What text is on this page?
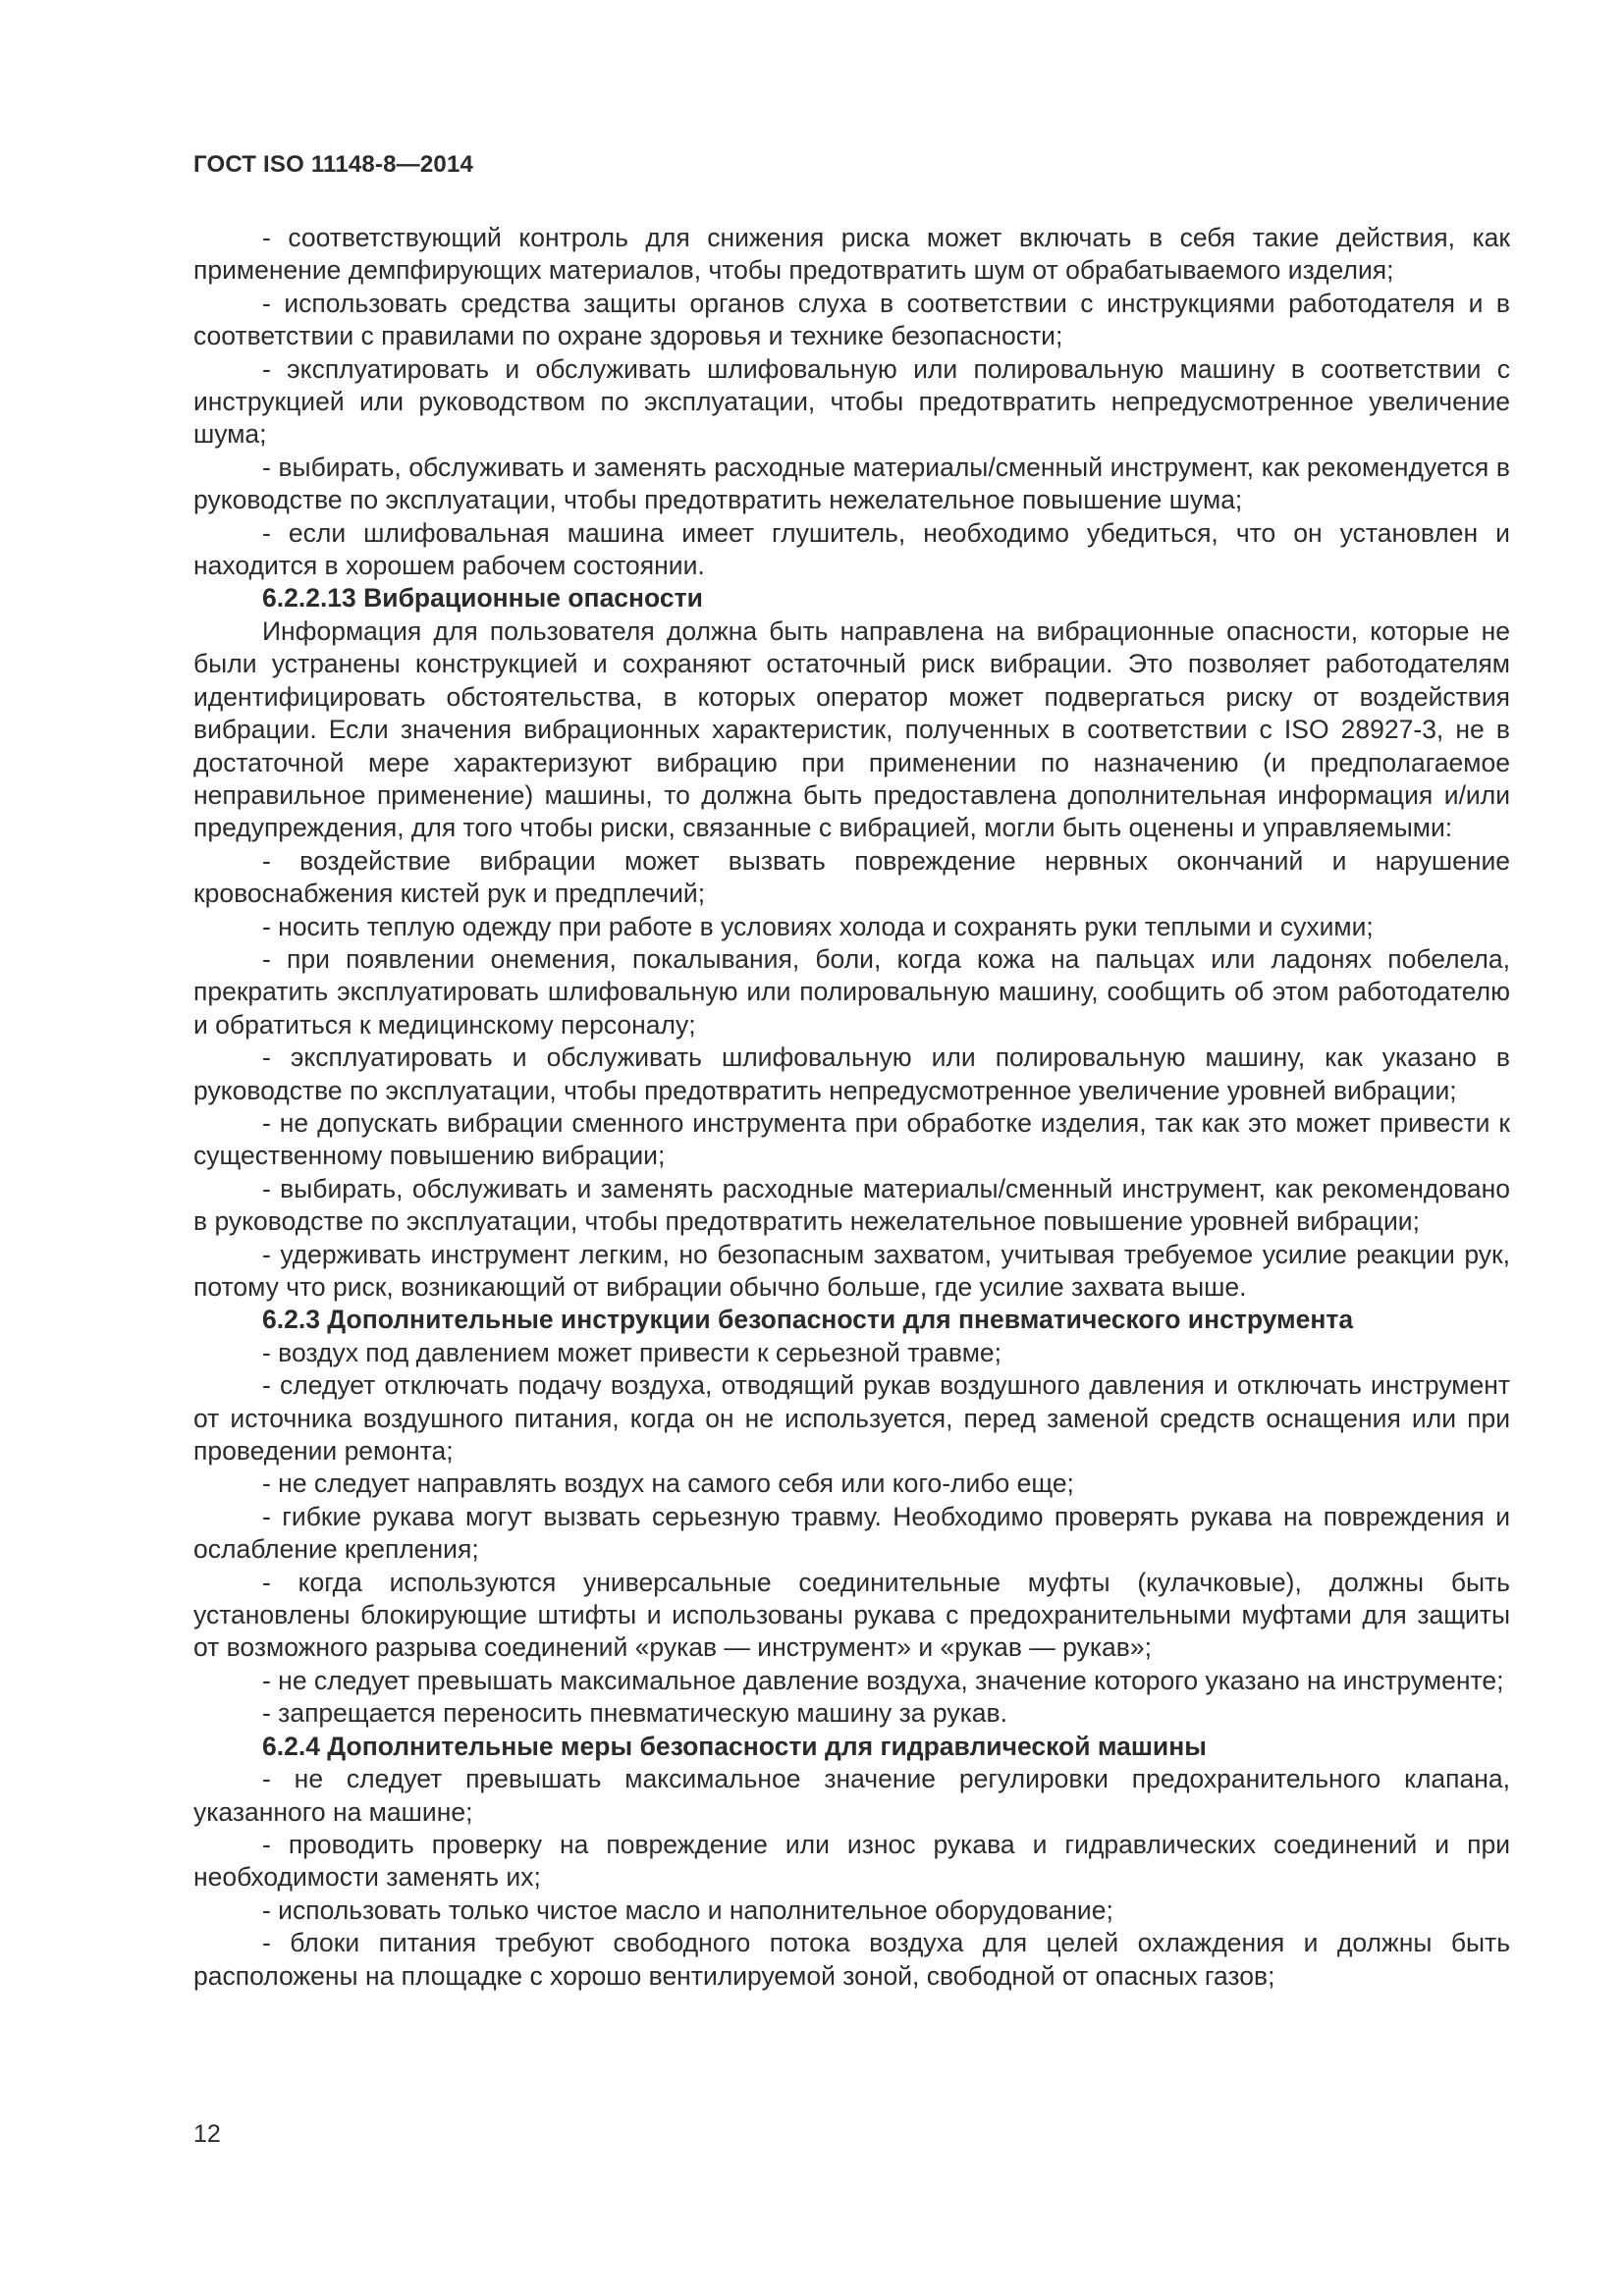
ГОСТ ISO 11148-8—2014

- соответствующий контроль для снижения риска может включать в себя такие действия, как применение демпфирующих материалов, чтобы предотвратить шум от обрабатываемого изделия;

- использовать средства защиты органов слуха в соответствии с инструкциями работодателя и в соответствии с правилами по охране здоровья и технике безопасности;

- эксплуатировать и обслуживать шлифовальную или полировальную машину в соответствии с инструкцией или руководством по эксплуатации, чтобы предотвратить непредусмотренное увеличение шума;

- выбирать, обслуживать и заменять расходные материалы/сменный инструмент, как рекомендуется в руководстве по эксплуатации, чтобы предотвратить нежелательное повышение шума;

- если шлифовальная машина имеет глушитель, необходимо убедиться, что он установлен и находится в хорошем рабочем состоянии.

6.2.2.13 Вибрационные опасности

Информация для пользователя должна быть направлена на вибрационные опасности, которые не были устранены конструкцией и сохраняют остаточный риск вибрации. Это позволяет работодателям идентифицировать обстоятельства, в которых оператор может подвергаться риску от воздействия вибрации. Если значения вибрационных характеристик, полученных в соответствии с ISO 28927-3, не в достаточной мере характеризуют вибрацию при применении по назначению (и предполагаемое неправильное применение) машины, то должна быть предоставлена дополнительная информация и/или предупреждения, для того чтобы риски, связанные с вибрацией, могли быть оценены и управляемыми:

- воздействие вибрации может вызвать повреждение нервных окончаний и нарушение кровоснабжения кистей рук и предплечий;

- носить теплую одежду при работе в условиях холода и сохранять руки теплыми и сухими;

- при появлении онемения, покалывания, боли, когда кожа на пальцах или ладонях побелела, прекратить эксплуатировать шлифовальную или полировальную машину, сообщить об этом работодателю и обратиться к медицинскому персоналу;

- эксплуатировать и обслуживать шлифовальную или полировальную машину, как указано в руководстве по эксплуатации, чтобы предотвратить непредусмотренное увеличение уровней вибрации;

- не допускать вибрации сменного инструмента при обработке изделия, так как это может привести к существенному повышению вибрации;

- выбирать, обслуживать и заменять расходные материалы/сменный инструмент, как рекомендовано в руководстве по эксплуатации, чтобы предотвратить нежелательное повышение уровней вибрации;

- удерживать инструмент легким, но безопасным захватом, учитывая требуемое усилие реакции рук, потому что риск, возникающий от вибрации обычно больше, где усилие захвата выше.

6.2.3 Дополнительные инструкции безопасности для пневматического инструмента

- воздух под давлением может привести к серьезной травме;

- следует отключать подачу воздуха, отводящий рукав воздушного давления и отключать инструмент от источника воздушного питания, когда он не используется, перед заменой средств оснащения или при проведении ремонта;

- не следует направлять воздух на самого себя или кого-либо еще;

- гибкие рукава могут вызвать серьезную травму. Необходимо проверять рукава на повреждения и ослабление крепления;

- когда используются универсальные соединительные муфты (кулачковые), должны быть установлены блокирующие штифты и использованы рукава с предохранительными муфтами для защиты от возможного разрыва соединений «рукав — инструмент» и «рукав — рукав»;

- не следует превышать максимальное давление воздуха, значение которого указано на инструменте;

- запрещается переносить пневматическую машину за рукав.

6.2.4 Дополнительные меры безопасности для гидравлической машины

- не следует превышать максимальное значение регулировки предохранительного клапана, указанного на машине;

- проводить проверку на повреждение или износ рукава и гидравлических соединений и при необходимости заменять их;

- использовать только чистое масло и наполнительное оборудование;

- блоки питания требуют свободного потока воздуха для целей охлаждения и должны быть расположены на площадке с хорошо вентилируемой зоной, свободной от опасных газов;

12
